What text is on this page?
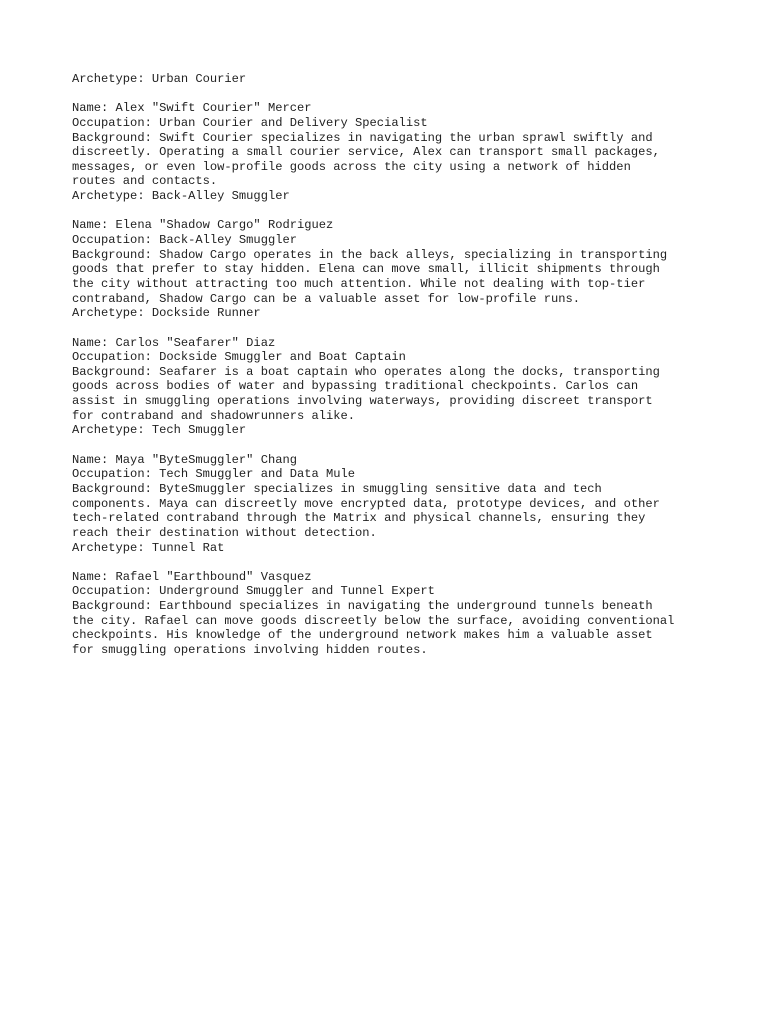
Archetype: Urban Courier
Name: Alex "Swift Courier" Mercer
Occupation: Urban Courier and Delivery Specialist
Background: Swift Courier specializes in navigating the urban sprawl swiftly and
discreetly. Operating a small courier service, Alex can transport small packages,
messages, or even low-profile goods across the city using a network of hidden
routes and contacts.
Archetype: Back-Alley Smuggler
Name: Elena "Shadow Cargo" Rodriguez
Occupation: Back-Alley Smuggler
Background: Shadow Cargo operates in the back alleys, specializing in transporting
goods that prefer to stay hidden. Elena can move small, illicit shipments through
the city without attracting too much attention. While not dealing with top-tier
contraband, Shadow Cargo can be a valuable asset for low-profile runs.
Archetype: Dockside Runner
Name: Carlos "Seafarer" Diaz
Occupation: Dockside Smuggler and Boat Captain
Background: Seafarer is a boat captain who operates along the docks, transporting
goods across bodies of water and bypassing traditional checkpoints. Carlos can
assist in smuggling operations involving waterways, providing discreet transport
for contraband and shadowrunners alike.
Archetype: Tech Smuggler
Name: Maya "ByteSmuggler" Chang
Occupation: Tech Smuggler and Data Mule
Background: ByteSmuggler specializes in smuggling sensitive data and tech
components. Maya can discreetly move encrypted data, prototype devices, and other
tech-related contraband through the Matrix and physical channels, ensuring they
reach their destination without detection.
Archetype: Tunnel Rat
Name: Rafael "Earthbound" Vasquez
Occupation: Underground Smuggler and Tunnel Expert
Background: Earthbound specializes in navigating the underground tunnels beneath
the city. Rafael can move goods discreetly below the surface, avoiding conventional
checkpoints. His knowledge of the underground network makes him a valuable asset
for smuggling operations involving hidden routes.
